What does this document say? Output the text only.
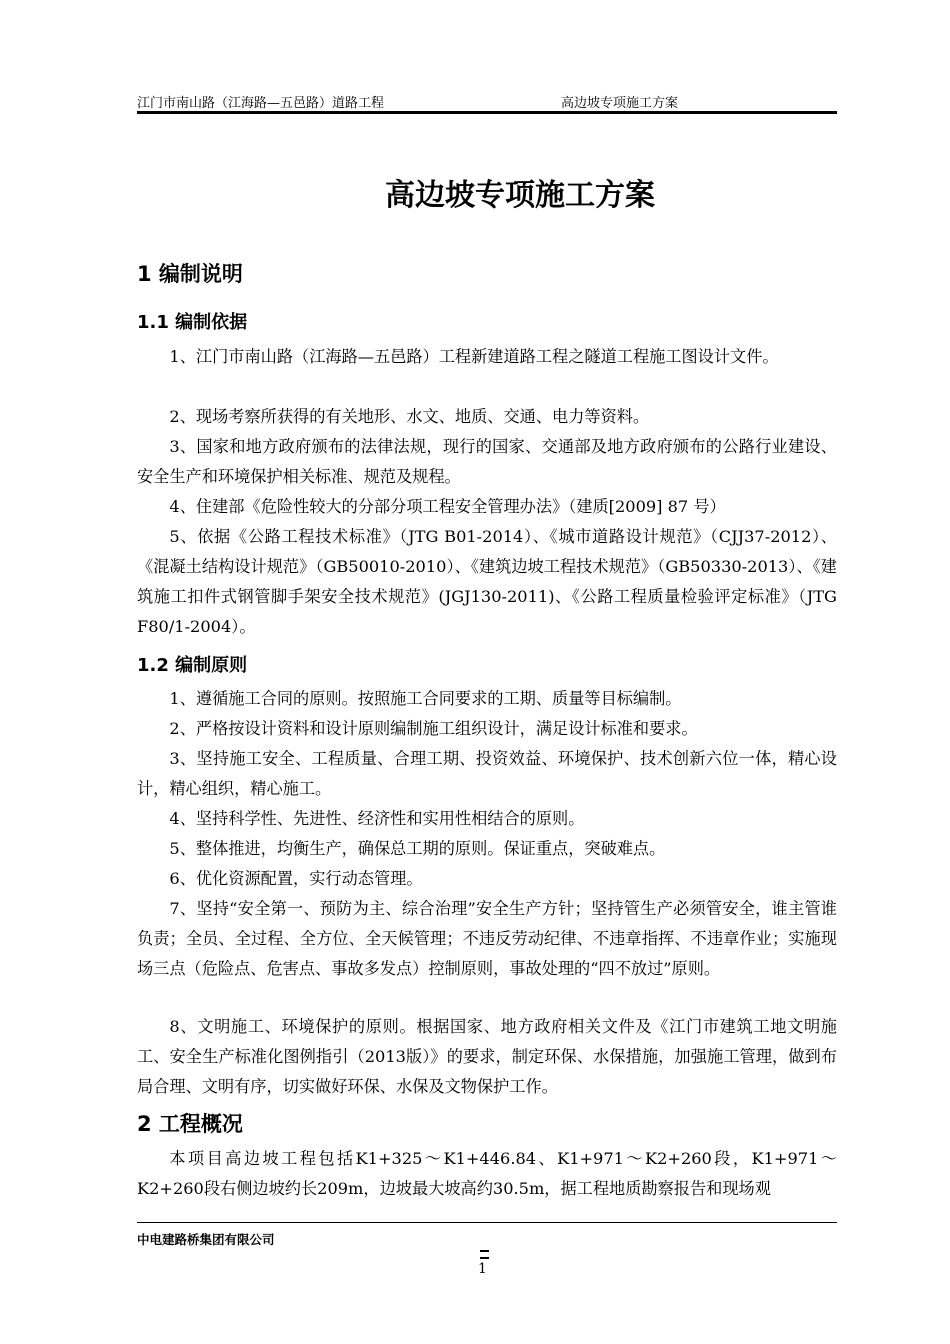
江门市南山路（江海路—五邑路）道路工程	高边坡专项施工方案
高边坡专项施工方案
1 编制说明
1.1 编制依据
1、江门市南山路（江海路—五邑路）工程新建道路工程之隧道工程施工图设计文件。
2、现场考察所获得的有关地形、水文、地质、交通、电力等资料。
3、国家和地方政府颁布的法律法规，现行的国家、交通部及地方政府颁布的公路行业建设、安全生产和环境保护相关标准、规范及规程。
4、住建部《危险性较大的分部分项工程安全管理办法》（建质[2009] 87 号）
5、依据《公路工程技术标准》（JTG B01-2014）、《城市道路设计规范》（CJJ37-2012）、《混凝土结构设计规范》（GB50010-2010）、《建筑边坡工程技术规范》（GB50330-2013）、《建筑施工扣件式钢管脚手架安全技术规范》(JGJ130-2011)、《公路工程质量检验评定标准》（JTG F80/1-2004）。
1.2 编制原则
1、遵循施工合同的原则。按照施工合同要求的工期、质量等目标编制。
2、严格按设计资料和设计原则编制施工组织设计，满足设计标准和要求。
3、坚持施工安全、工程质量、合理工期、投资效益、环境保护、技术创新六位一体，精心设计，精心组织，精心施工。
4、坚持科学性、先进性、经济性和实用性相结合的原则。
5、整体推进，均衡生产，确保总工期的原则。保证重点，突破难点。
6、优化资源配置，实行动态管理。
7、坚持“安全第一、预防为主、综合治理”安全生产方针；坚持管生产必须管安全，谁主管谁负责；全员、全过程、全方位、全天候管理；不违反劳动纪律、不违章指挥、不违章作业；实施现场三点（危险点、危害点、事故多发点）控制原则，事故处理的“四不放过”原则。
8、文明施工、环境保护的原则。根据国家、地方政府相关文件及《江门市建筑工地文明施工、安全生产标准化图例指引（2013版）》的要求，制定环保、水保措施，加强施工管理，做到布局合理、文明有序，切实做好环保、水保及文物保护工作。
2 工程概况
本项目高边坡工程包括K1+325～K1+446.84、K1+971～K2+260段，K1+971～K2+260段右侧边坡约长209m，边坡最大坡高约30.5m，据工程地质勘察报告和现场观
中电建路桥集团有限公司
1
